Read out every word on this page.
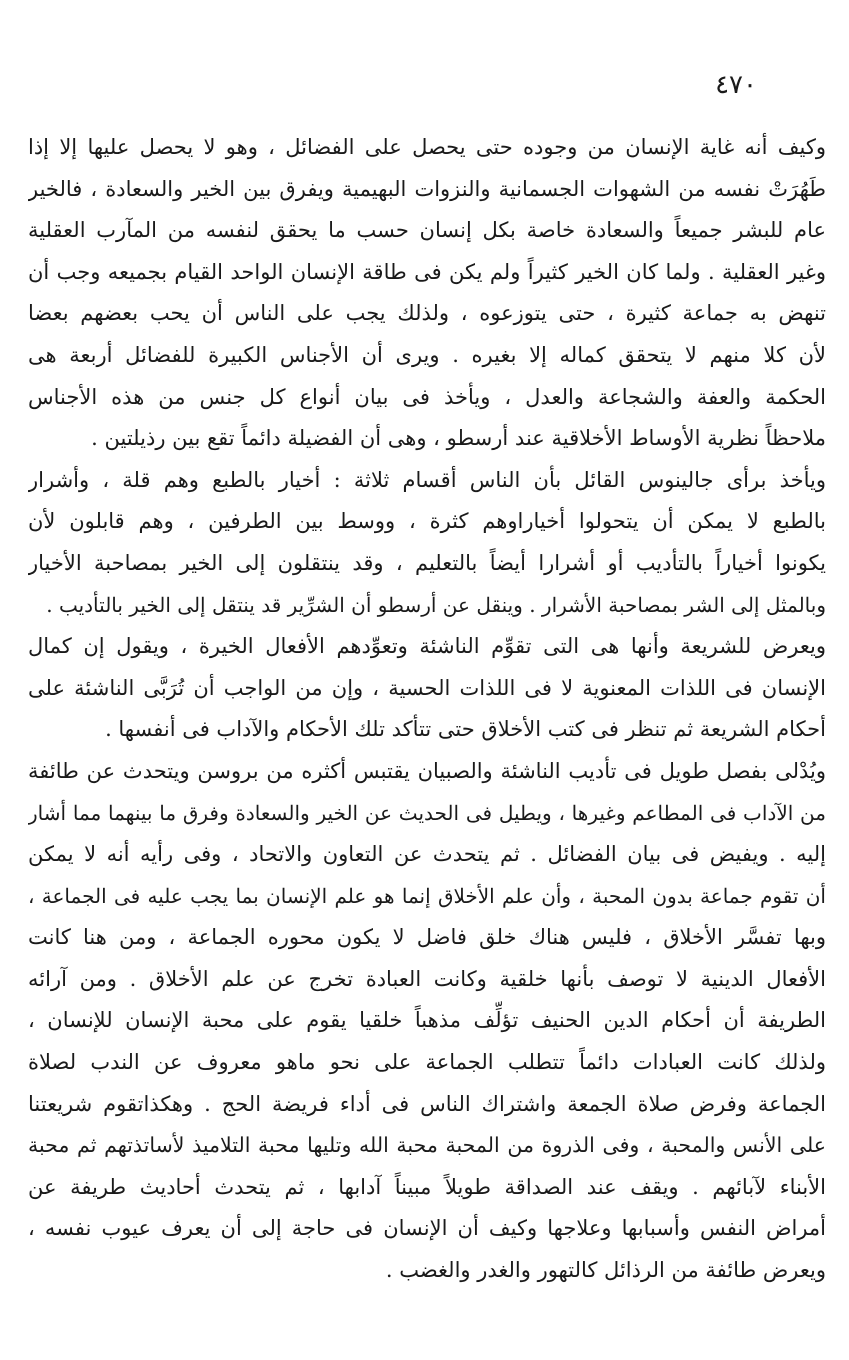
٤٧٠
وكيف أنه غاية الإنسان من وجوده حتى يحصل على الفضائل ، وهو لا يحصل عليها إلا إذا
طَهُرَتْ نفسه من الشهوات الجسمانية والنزوات البهيمية ويفرق بين الخير والسعادة ، فالخير
عام للبشر جميعاً والسعادة خاصة بكل إنسان حسب ما يحقق لنفسه من المآرب العقلية
وغير العقلية . ولما كان الخير كثيراً ولم يكن فى طاقة الإنسان الواحد القيام بجميعه وجب أن
تنهض به جماعة كثيرة ، حتى يتوزعوه ، ولذلك يجب على الناس أن يحب بعضهم بعضا
لأن كلا منهم لا يتحقق كماله إلا بغيره . ويرى أن الأجناس الكبيرة للفضائل أربعة هى
الحكمة والعفة والشجاعة والعدل ، ويأخذ فى بيان أنواع كل جنس من هذه الأجناس
ملاحظاً نظرية الأوساط الأخلاقية عند أرسطو ، وهى أن الفضيلة دائماً تقع بين رذيلتين .
ويأخذ برأى جالينوس القائل بأن الناس أقسام ثلاثة : أخيار بالطبع وهم قلة ، وأشرار
بالطبع لا يمكن أن يتحولوا أخياراوهم كثرة ، ووسط بين الطرفين ، وهم قابلون لأن
يكونوا أخياراً بالتأديب أو أشرارا أيضاً بالتعليم ، وقد ينتقلون إلى الخير بمصاحبة الأخيار
وبالمثل إلى الشر بمصاحبة الأشرار . وينقل عن أرسطو أن الشرِّير قد ينتقل إلى الخير بالتأديب .
ويعرض للشريعة وأنها هى التى تقوِّم الناشئة وتعوِّدهم الأفعال الخيرة ، ويقول إن كمال
الإنسان فى اللذات المعنوية لا فى اللذات الحسية ، وإن من الواجب أن تُرَبَّى الناشئة على
أحكام الشريعة ثم تنظر فى كتب الأخلاق حتى تتأكد تلك الأحكام والآداب فى أنفسها .
ويُدْلى بفصل طويل فى تأديب الناشئة والصبيان يقتبس أكثره من بروسن ويتحدث عن طائفة
من الآداب فى المطاعم وغيرها ، ويطيل فى الحديث عن الخير والسعادة وفرق ما بينهما مما أشار
إليه . ويفيض فى بيان الفضائل . ثم يتحدث عن التعاون والاتحاد ، وفى رأيه أنه لا يمكن
أن تقوم جماعة بدون المحبة ، وأن علم الأخلاق إنما هو علم الإنسان بما يجب عليه فى الجماعة ،
وبها تفسَّر الأخلاق ، فليس هناك خلق فاضل لا يكون محوره الجماعة ، ومن هنا كانت
الأفعال الدينية لا توصف بأنها خلقية وكانت العبادة تخرج عن علم الأخلاق . ومن آرائه
الطريفة أن أحكام الدين الحنيف تؤلِّف مذهباً خلقيا يقوم على محبة الإنسان للإنسان ،
ولذلك كانت العبادات دائماً تتطلب الجماعة على نحو ماهو معروف عن الندب لصلاة
الجماعة وفرض صلاة الجمعة واشتراك الناس فى أداء فريضة الحج . وهكذاتقوم شريعتنا
على الأنس والمحبة ، وفى الذروة من المحبة محبة الله وتليها محبة التلاميذ لأساتذتهم ثم محبة
الأبناء لآبائهم . ويقف عند الصداقة طويلاً مبيناً آدابها ، ثم يتحدث أحاديث طريفة عن
أمراض النفس وأسبابها وعلاجها وكيف أن الإنسان فى حاجة إلى أن يعرف عيوب نفسه ،
ويعرض طائفة من الرذائل كالتهور والغدر والغضب .
